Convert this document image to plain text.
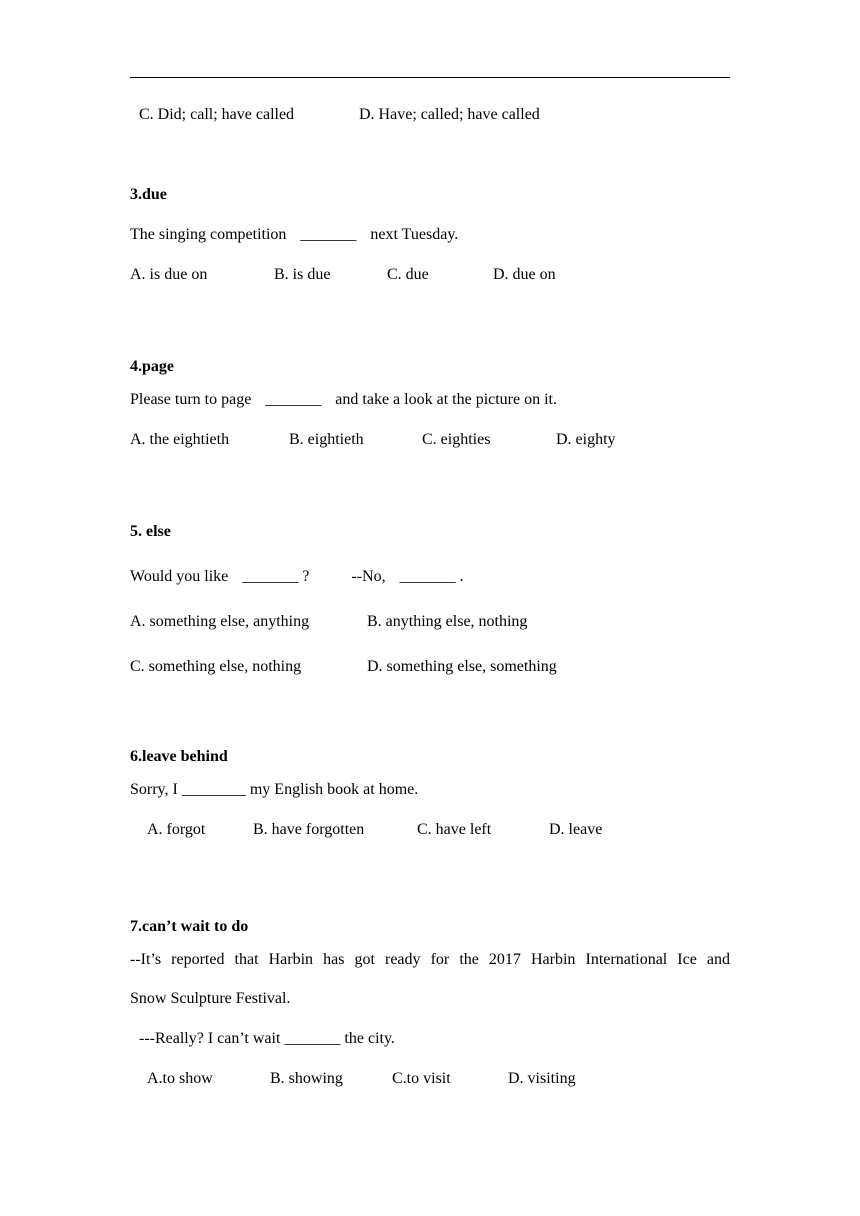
C. Did; call; have called	D. Have; called; have called
3.due
The singing competition _______ next Tuesday.
A. is due on	B. is due	C. due	D. due on
4.page
Please turn to page _______ and take a look at the picture on it.
A. the eightieth	B. eightieth	C. eighties	D. eighty
5. else
Would you like _______ ?	--No, _______ .
A. something else, anything	B. anything else, nothing
C. something else, nothing	D. something else, something
6.leave behind
Sorry, I ________ my English book at home.
A. forgot	B. have forgotten	C. have left	D. leave
7.can’t wait to do
--It’s reported that Harbin has got ready for the 2017 Harbin International Ice and
Snow Sculpture Festival.
---Really? I can’t wait _______ the city.
A.to show	B. showing	C.to visit	D. visiting
